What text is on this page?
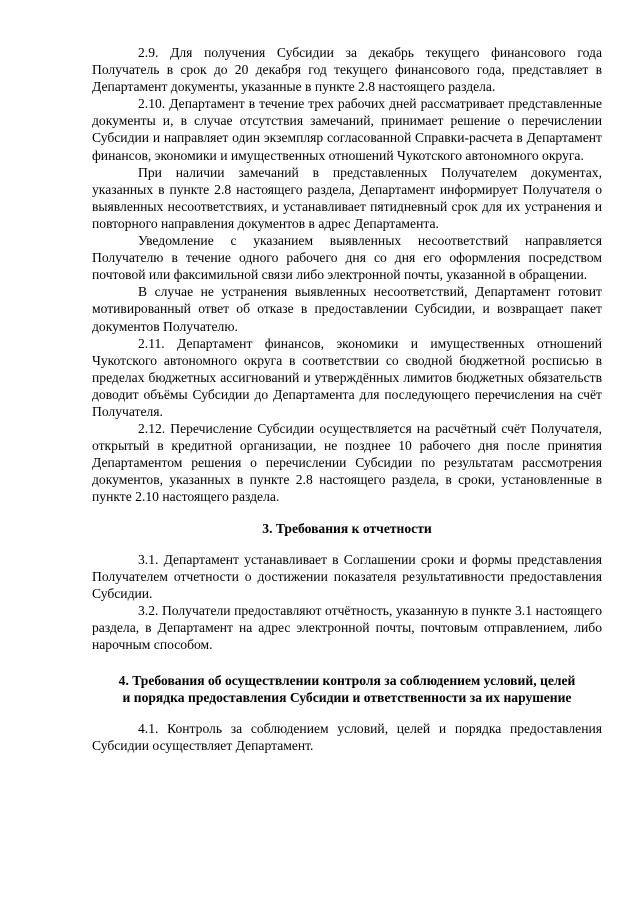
2.9. Для получения Субсидии за декабрь текущего финансового года Получатель в срок до 20 декабря год текущего финансового года, представляет в Департамент документы, указанные в пункте 2.8 настоящего раздела.

2.10. Департамент в течение трех рабочих дней рассматривает представленные документы и, в случае отсутствия замечаний, принимает решение о перечислении Субсидии и направляет один экземпляр согласованной Справки-расчета в Департамент финансов, экономики и имущественных отношений Чукотского автономного округа.

При наличии замечаний в представленных Получателем документах, указанных в пункте 2.8 настоящего раздела, Департамент информирует Получателя о выявленных несоответствиях, и устанавливает пятидневный срок для их устранения и повторного направления документов в адрес Департамента.

Уведомление с указанием выявленных несоответствий направляется Получателю в течение одного рабочего дня со дня его оформления посредством почтовой или факсимильной связи либо электронной почты, указанной в обращении.

В случае не устранения выявленных несоответствий, Департамент готовит мотивированный ответ об отказе в предоставлении Субсидии, и возвращает пакет документов Получателю.

2.11. Департамент финансов, экономики и имущественных отношений Чукотского автономного округа в соответствии со сводной бюджетной росписью в пределах бюджетных ассигнований и утверждённых лимитов бюджетных обязательств доводит объёмы Субсидии до Департамента для последующего перечисления на счёт Получателя.

2.12. Перечисление Субсидии осуществляется на расчётный счёт Получателя, открытый в кредитной организации, не позднее 10 рабочего дня после принятия Департаментом решения о перечислении Субсидии по результатам рассмотрения документов, указанных в пункте 2.8 настоящего раздела, в сроки, установленные в пункте 2.10 настоящего раздела.

3. Требования к отчетности

3.1. Департамент устанавливает в Соглашении сроки и формы представления Получателем отчетности о достижении показателя результативности предоставления Субсидии.

3.2. Получатели предоставляют отчётность, указанную в пункте 3.1 настоящего раздела, в Департамент на адрес электронной почты, почтовым отправлением, либо нарочным способом.

4. Требования об осуществлении контроля за соблюдением условий, целей

и порядка предоставления Субсидии и ответственности за их нарушение

4.1. Контроль за соблюдением условий, целей и порядка предоставления Субсидии осуществляет Департамент.
